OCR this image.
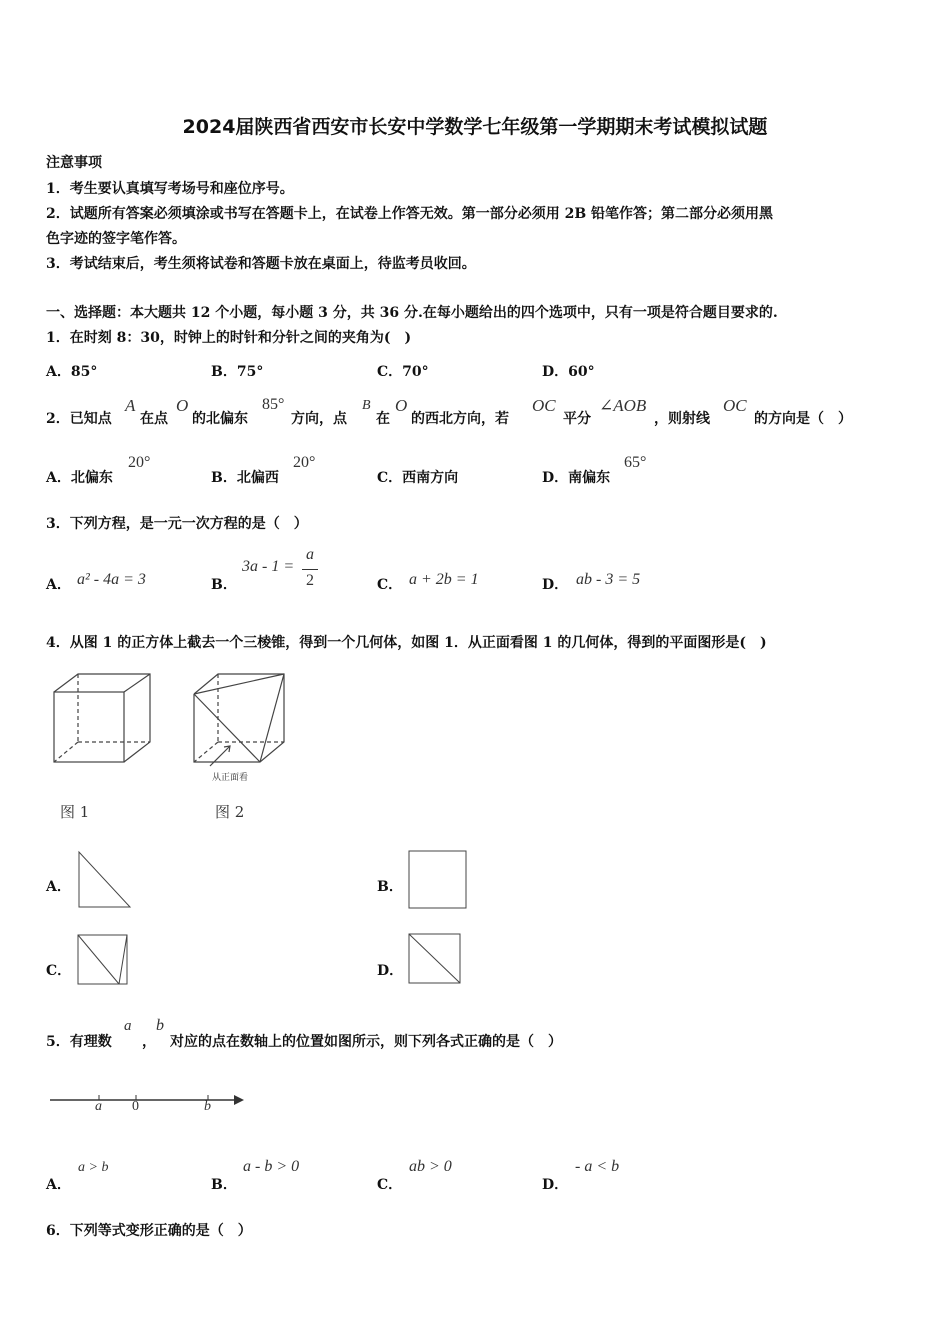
2024届陕西省西安市长安中学数学七年级第一学期期末考试模拟试题
注意事项
1．考生要认真填写考场号和座位序号。
2．试题所有答案必须填涂或书写在答题卡上，在试卷上作答无效。第一部分必须用 2B 铅笔作答；第二部分必须用黑
色字迹的签字笔作答。
3．考试结束后，考生须将试卷和答题卡放在桌面上，待监考员收回。
一、选择题：本大题共 12 个小题，每小题 3 分，共 36 分.在每小题给出的四个选项中，只有一项是符合题目要求的.
1．在时刻 8：30，时钟上的时针和分针之间的夹角为(　)
A．85°	B．75°	C．70°	D．60°
2．已知点
A
在点
O
的北偏东
85°
方向，点
B
在
O
的西北方向，若
OC
平分
∠AOB
，则射线
OC
的方向是（　）
A．北偏东
20°
B．北偏西
20°
C．西南方向	D．南偏东
65°
3．下列方程，是一元一次方程的是（　）
A． a² - 4a = 3	B．
3a - 1 =
a
2	C． a + 2b = 1	D． ab - 3 = 5
4．从图 1 的正方体上截去一个三棱锥，得到一个几何体，如图 1．从正面看图 1 的几何体，得到的平面图形是(　)
从正面看
图 1	图 2
A．	B．
C．	D．
5．有理数
a
，
b
对应的点在数轴上的位置如图所示，则下列各式正确的是（　）
a 0	b
A．
a > b
B．
a - b > 0
C．
ab > 0
D．
- a < b
6．下列等式变形正确的是（　）
